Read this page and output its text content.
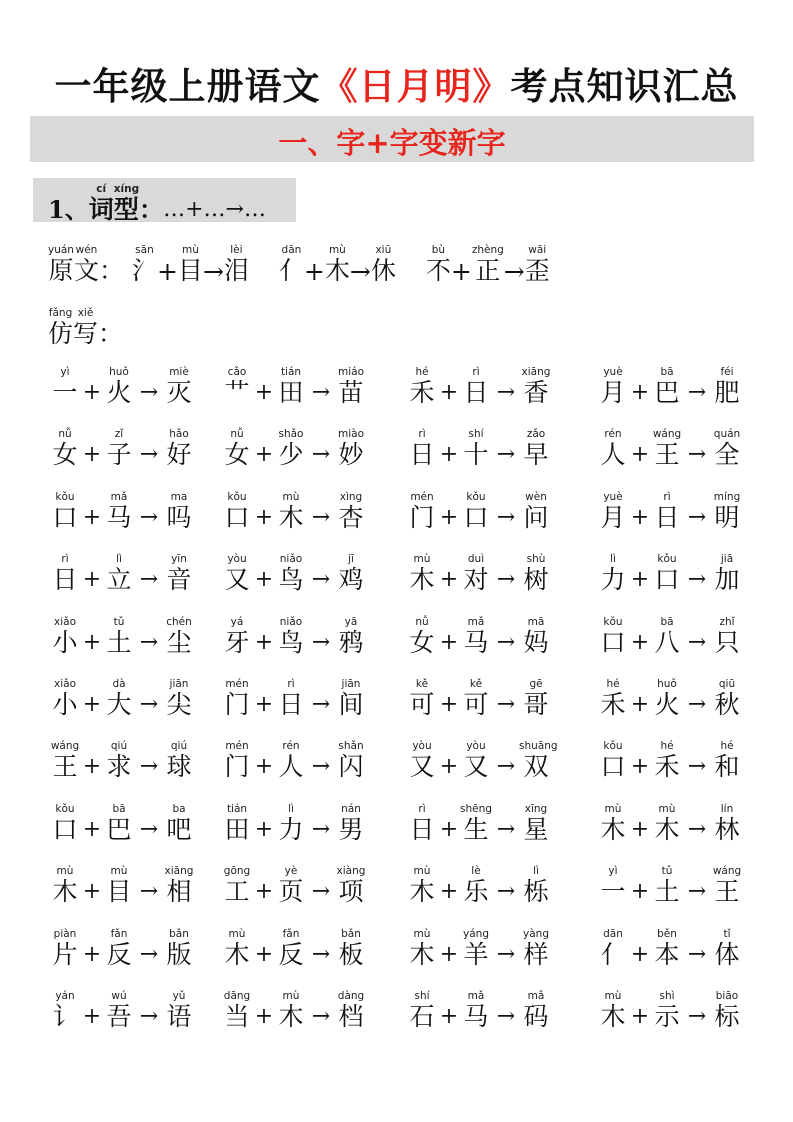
一年级上册语文《日月明》考点知识汇总
一、字+字变新字
1、
cí
词
xíng
型 ：…+…→…
yuán
原
wén
文 ：
sān
氵 +
mù
目 →
lèi
泪
dān
亻 +
mù
木 →
xiū
休
bù
不 +
zhèng
正 →
wāi
歪
fǎng
仿
xiě
写 ：
yì
一 +
huǒ
火 →
miè
灭
cǎo
艹 +
tián
田 →
miáo
苗
hé
禾 +
rì
日 →
xiāng
香
yuè
月 +
bā
巴 →
féi
肥
nǚ
女 +
zǐ
子 →
hǎo
好
nǚ
女 +
shǎo
少 →
miào
妙
rì
日 +
shí
十 →
zǎo
早
rén
人 +
wáng
王 →
quán
全
kǒu
口 +
mǎ
马 →
ma
吗
kǒu
口 +
mù
木 →
xìng
杏
mén
门 +
kǒu
口 →
wèn
问
yuè
月 +
rì
日 →
míng
明
rì
日 +
lì
立 →
yīn
音
yòu
又 +
niǎo
鸟 →
jī
鸡
mù
木 +
duì
对 →
shù
树
lì
力 +
kǒu
口 →
jiā
加
xiǎo
小 +
tǔ
土 →
chén
尘
yá
牙 +
niǎo
鸟 →
yā
鸦
nǚ
女 +
mǎ
马 →
mā
妈
kǒu
口 +
bā
八 →
zhǐ
只
xiǎo
小 +
dà
大 →
jiān
尖
mén
门 +
rì
日 →
jiān
间
kě
可 +
kě
可 →
gē
哥
hé
禾 +
huǒ
火 →
qiū
秋
wáng
王 +
qiú
求 →
qiú
球
mén
门 +
rén
人 →
shǎn
闪
yòu
又 +
yòu
又 →
shuāng
双
kǒu
口 +
hé
禾 →
hé
和
kǒu
口 +
bā
巴 →
ba
吧
tián
田 +
lì
力 →
nán
男
rì
日 +
shēng
生 →
xīng
星
mù
木 +
mù
木 →
lín
林
mù
木 +
mù
目 →
xiāng
相
gōng
工 +
yè
页 →
xiàng
项
mù
木 +
lè
乐 →
lì
栎
yì
一 +
tǔ
土 →
wáng
王
piàn
片 +
fǎn
反 →
bǎn
版
mù
木 +
fǎn
反 →
bǎn
板
mù
木 +
yáng
羊 →
yàng
样
dān
亻 +
běn
本 →
tǐ
体
yán
讠 +
wú
吾 →
yǔ
语
dāng
当 +
mù
木 →
dàng
档
shí
石 +
mǎ
马 →
mǎ
码
mù
木 +
shì
示 →
biāo
标
